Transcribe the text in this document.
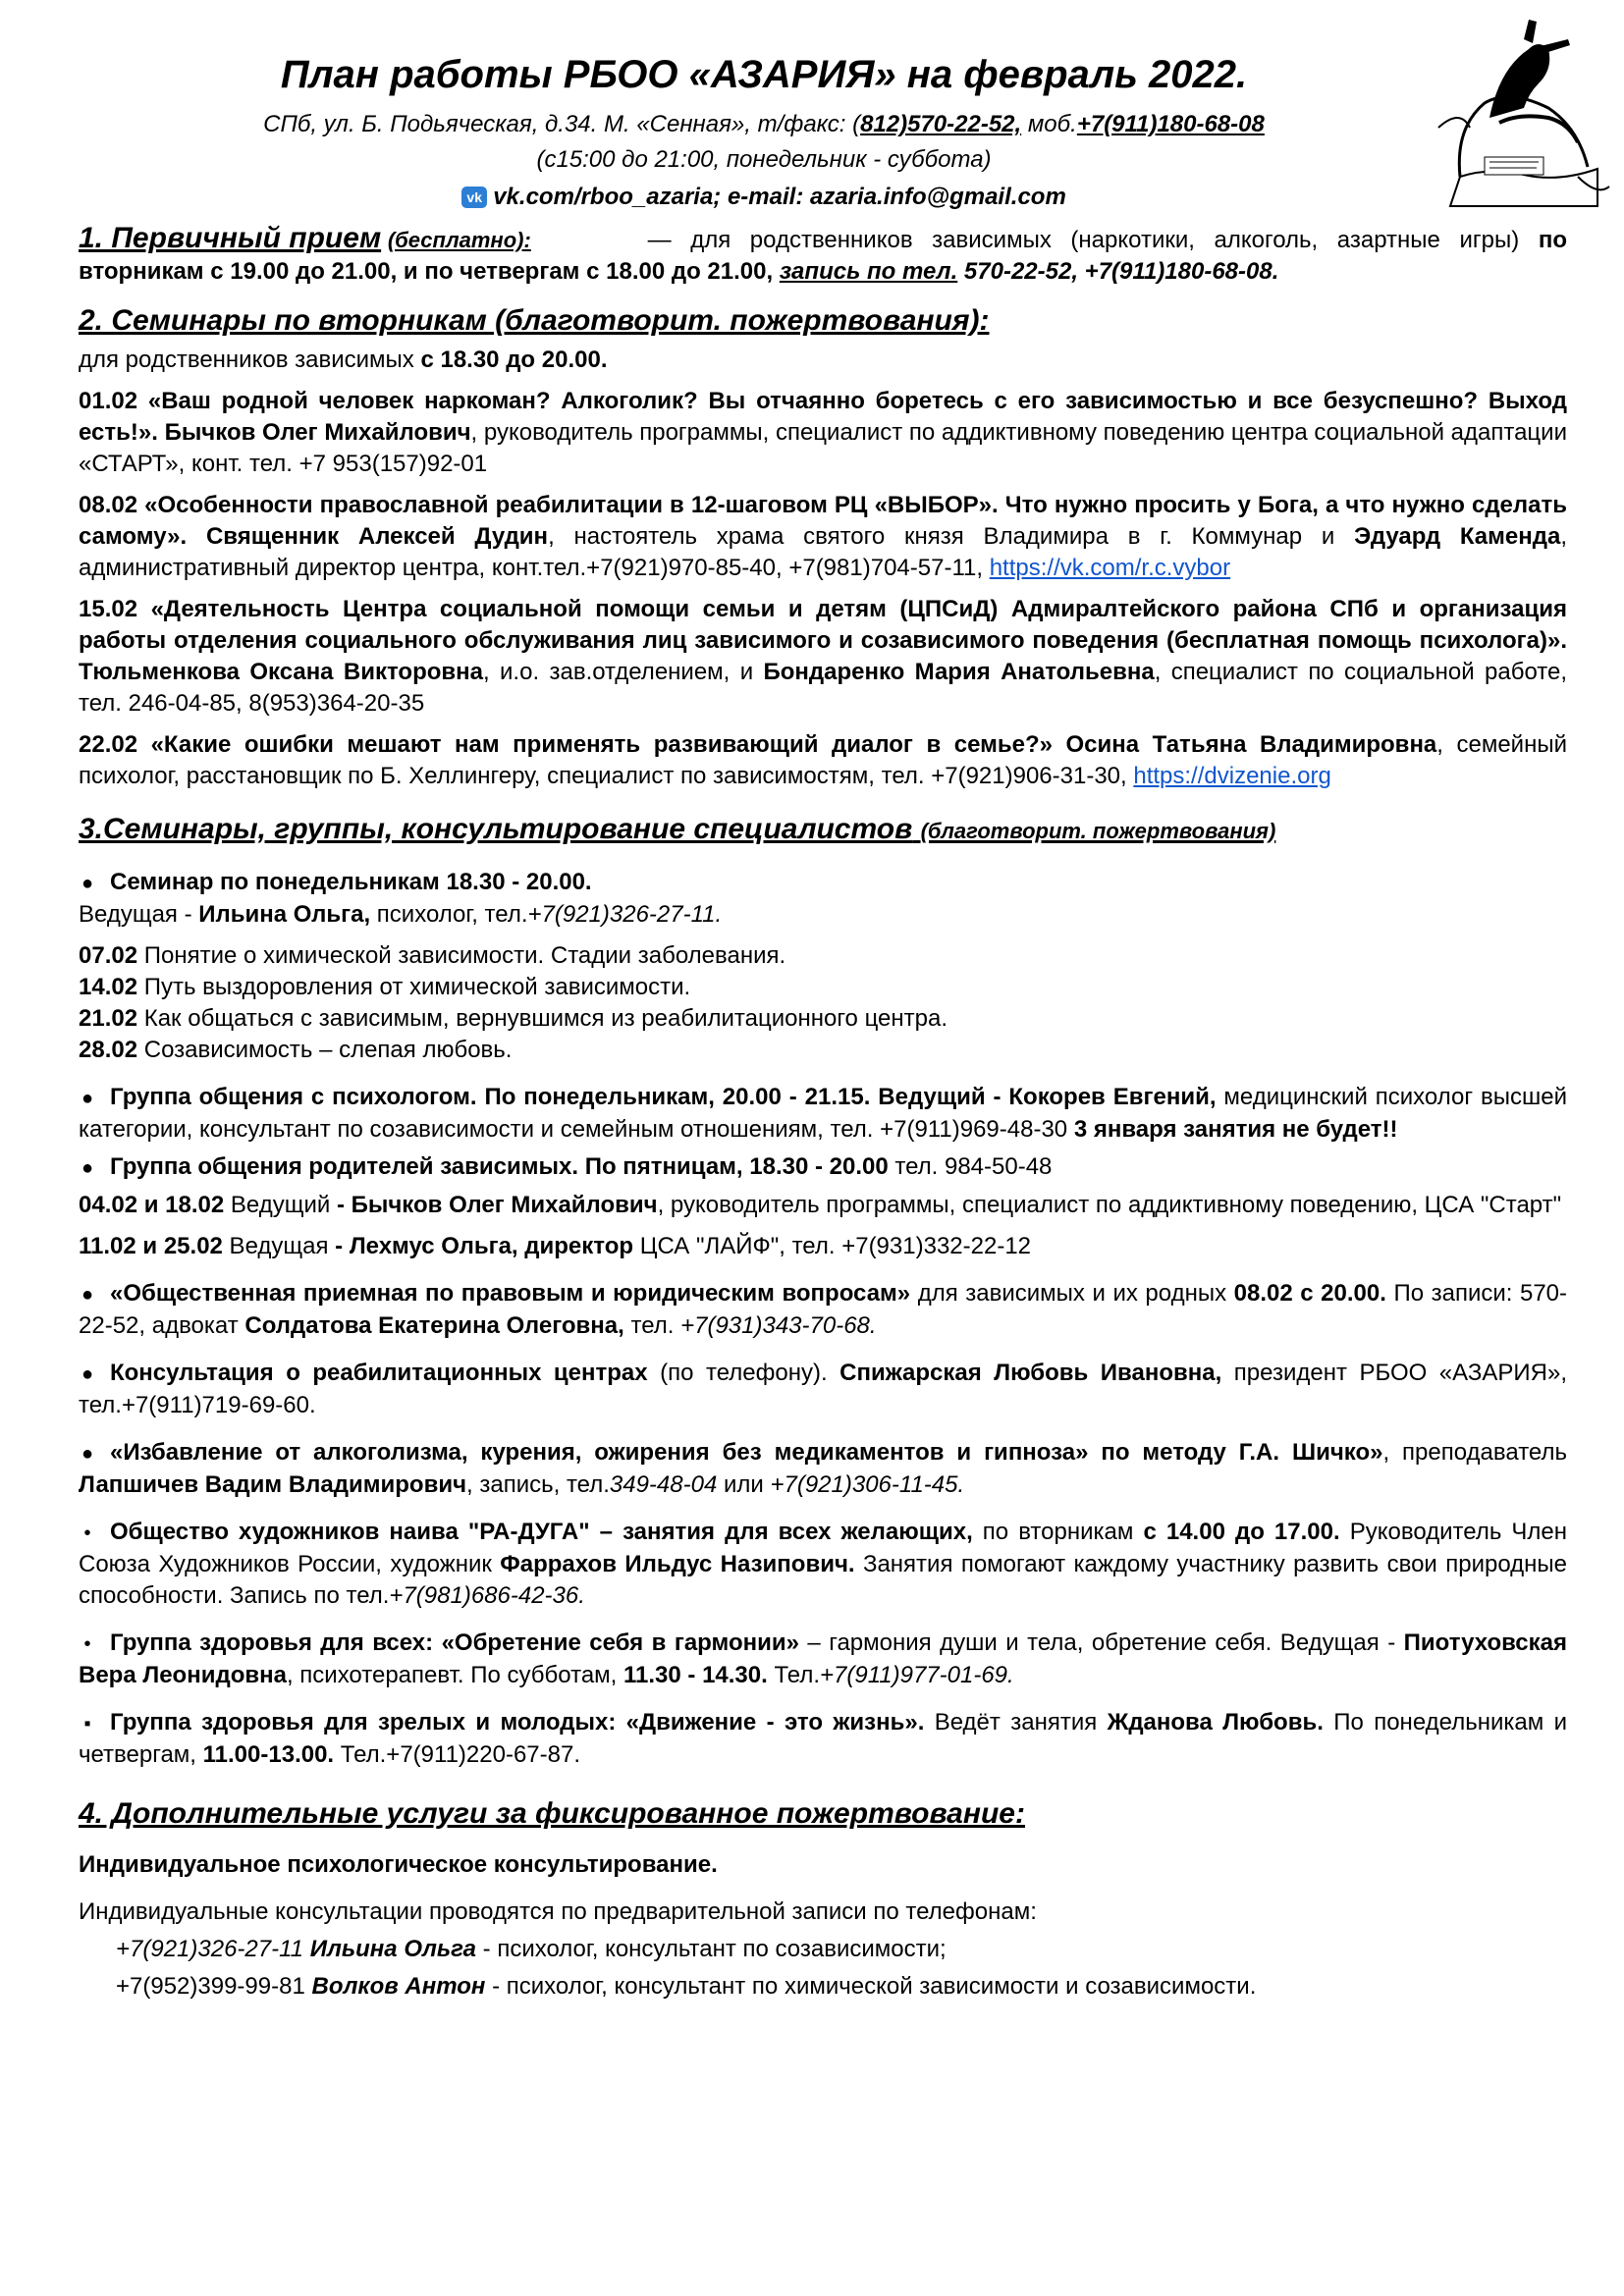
План работы РБОО «АЗАРИЯ» на февраль 2022.
СПб, ул. Б. Подьяческая, д.34. М. «Сенная», т/факс: (812)570-22-52, моб.+7(911)180-68-08
(с15:00 до 21:00, понедельник - суббота)
vk vk.com/rboo_azaria; e-mail: azaria.info@gmail.com

1. Первичный прием (бесплатно):	— для родственников зависимых (наркотики, алкоголь, азартные игры) по вторникам с 19.00 до 21.00, и по четвергам с 18.00 до 21.00, запись по тел. 570-22-52, +7(911)180-68-08.

2. Семинары по вторникам (благотворит. пожертвования):

для родственников зависимых с 18.30 до 20.00.

01.02 «Ваш родной человек наркоман? Алкоголик? Вы отчаянно боретесь с его зависимостью и все безуспешно? Выход есть!». Бычков Олег Михайлович, руководитель программы, специалист по аддиктивному поведению центра социальной адаптации «СТАРТ», конт. тел. +7 953(157)92-01

08.02 «Особенности православной реабилитации в 12-шаговом РЦ «ВЫБОР». Что нужно просить у Бога, а что нужно сделать самому». Священник Алексей Дудин, настоятель храма святого князя Владимира в г. Коммунар и Эдуард Каменда, административный директор центра, конт.тел.+7(921)970-85-40, +7(981)704-57-11, https://vk.com/r.c.vybor

15.02 «Деятельность Центра социальной помощи семьи и детям (ЦПСиД) Адмиралтейского района СПб и организация работы отделения социального обслуживания лиц зависимого и созависимого поведения (бесплатная помощь психолога)». Тюльменкова Оксана Викторовна, и.о. зав.отделением, и Бондаренко Мария Анатольевна, специалист по социальной работе, тел. 246-04-85, 8(953)364-20-35

22.02 «Какие ошибки мешают нам применять развивающий диалог в семье?» Осина Татьяна Владимировна, семейный психолог, расстановщик по Б. Хеллингеру, специалист по зависимостям, тел. +7(921)906-31-30, https://dvizenie.org

3.Семинары, группы, консультирование специалистов (благотворит. пожертвования)

● Семинар по понедельникам 18.30 - 20.00.

Ведущая - Ильина Ольга, психолог, тел.+7(921)326-27-11.

07.02 Понятие о химической зависимости. Стадии заболевания.

14.02 Путь выздоровления от химической зависимости.

21.02 Как общаться с зависимым, вернувшимся из реабилитационного центра.

28.02 Созависимость – слепая любовь.

● Группа общения с психологом. По понедельникам, 20.00 - 21.15. Ведущий - Кокорев Евгений, медицинский психолог высшей категории, консультант по созависимости и семейным отношениям, тел. +7(911)969-48-30 3 января занятия не будет!!

● Группа общения родителей зависимых. По пятницам, 18.30 - 20.00 тел. 984-50-48

04.02 и 18.02 Ведущий - Бычков Олег Михайлович, руководитель программы, специалист по аддиктивному поведению, ЦСА "Старт"

11.02 и 25.02 Ведущая - Лехмус Ольга, директор ЦСА "ЛАЙФ", тел. +7(931)332-22-12

● «Общественная приемная по правовым и юридическим вопросам» для зависимых и их родных 08.02 с 20.00. По записи: 570-22-52, адвокат Солдатова Екатерина Олеговна, тел. +7(931)343-70-68.

● Консультация о реабилитационных центрах (по телефону). Спижарская Любовь Ивановна, президент РБОО «АЗАРИЯ», тел.+7(911)719-69-60.

● «Избавление от алкоголизма, курения, ожирения без медикаментов и гипноза» по методу Г.А. Шичко», преподаватель Лапшичев Вадим Владимирович, запись, тел.349-48-04 или +7(921)306-11-45.

• Общество художников наива "РА-ДУГА" – занятия для всех желающих, по вторникам с 14.00 до 17.00. Руководитель Член Союза Художников России, художник Фаррахов Ильдус Назипович. Занятия помогают каждому участнику развить свои природные способности. Запись по тел.+7(981)686-42-36.

• Группа здоровья для всех: «Обретение себя в гармонии» – гармония души и тела, обретение себя. Ведущая - Пиотуховская Вера Леонидовна, психотерапевт. По субботам, 11.30 - 14.30. Тел.+7(911)977-01-69.

▪ Группа здоровья для зрелых и молодых: «Движение - это жизнь». Ведёт занятия Жданова Любовь. По понедельникам и четвергам, 11.00-13.00. Тел.+7(911)220-67-87.

4. Дополнительные услуги за фиксированное пожертвование:

Индивидуальное психологическое консультирование.

Индивидуальные консультации проводятся по предварительной записи по телефонам:

+7(921)326-27-11 Ильина Ольга - психолог, консультант по созависимости;

+7(952)399-99-81 Волков Антон - психолог, консультант по химической зависимости и созависимости.
